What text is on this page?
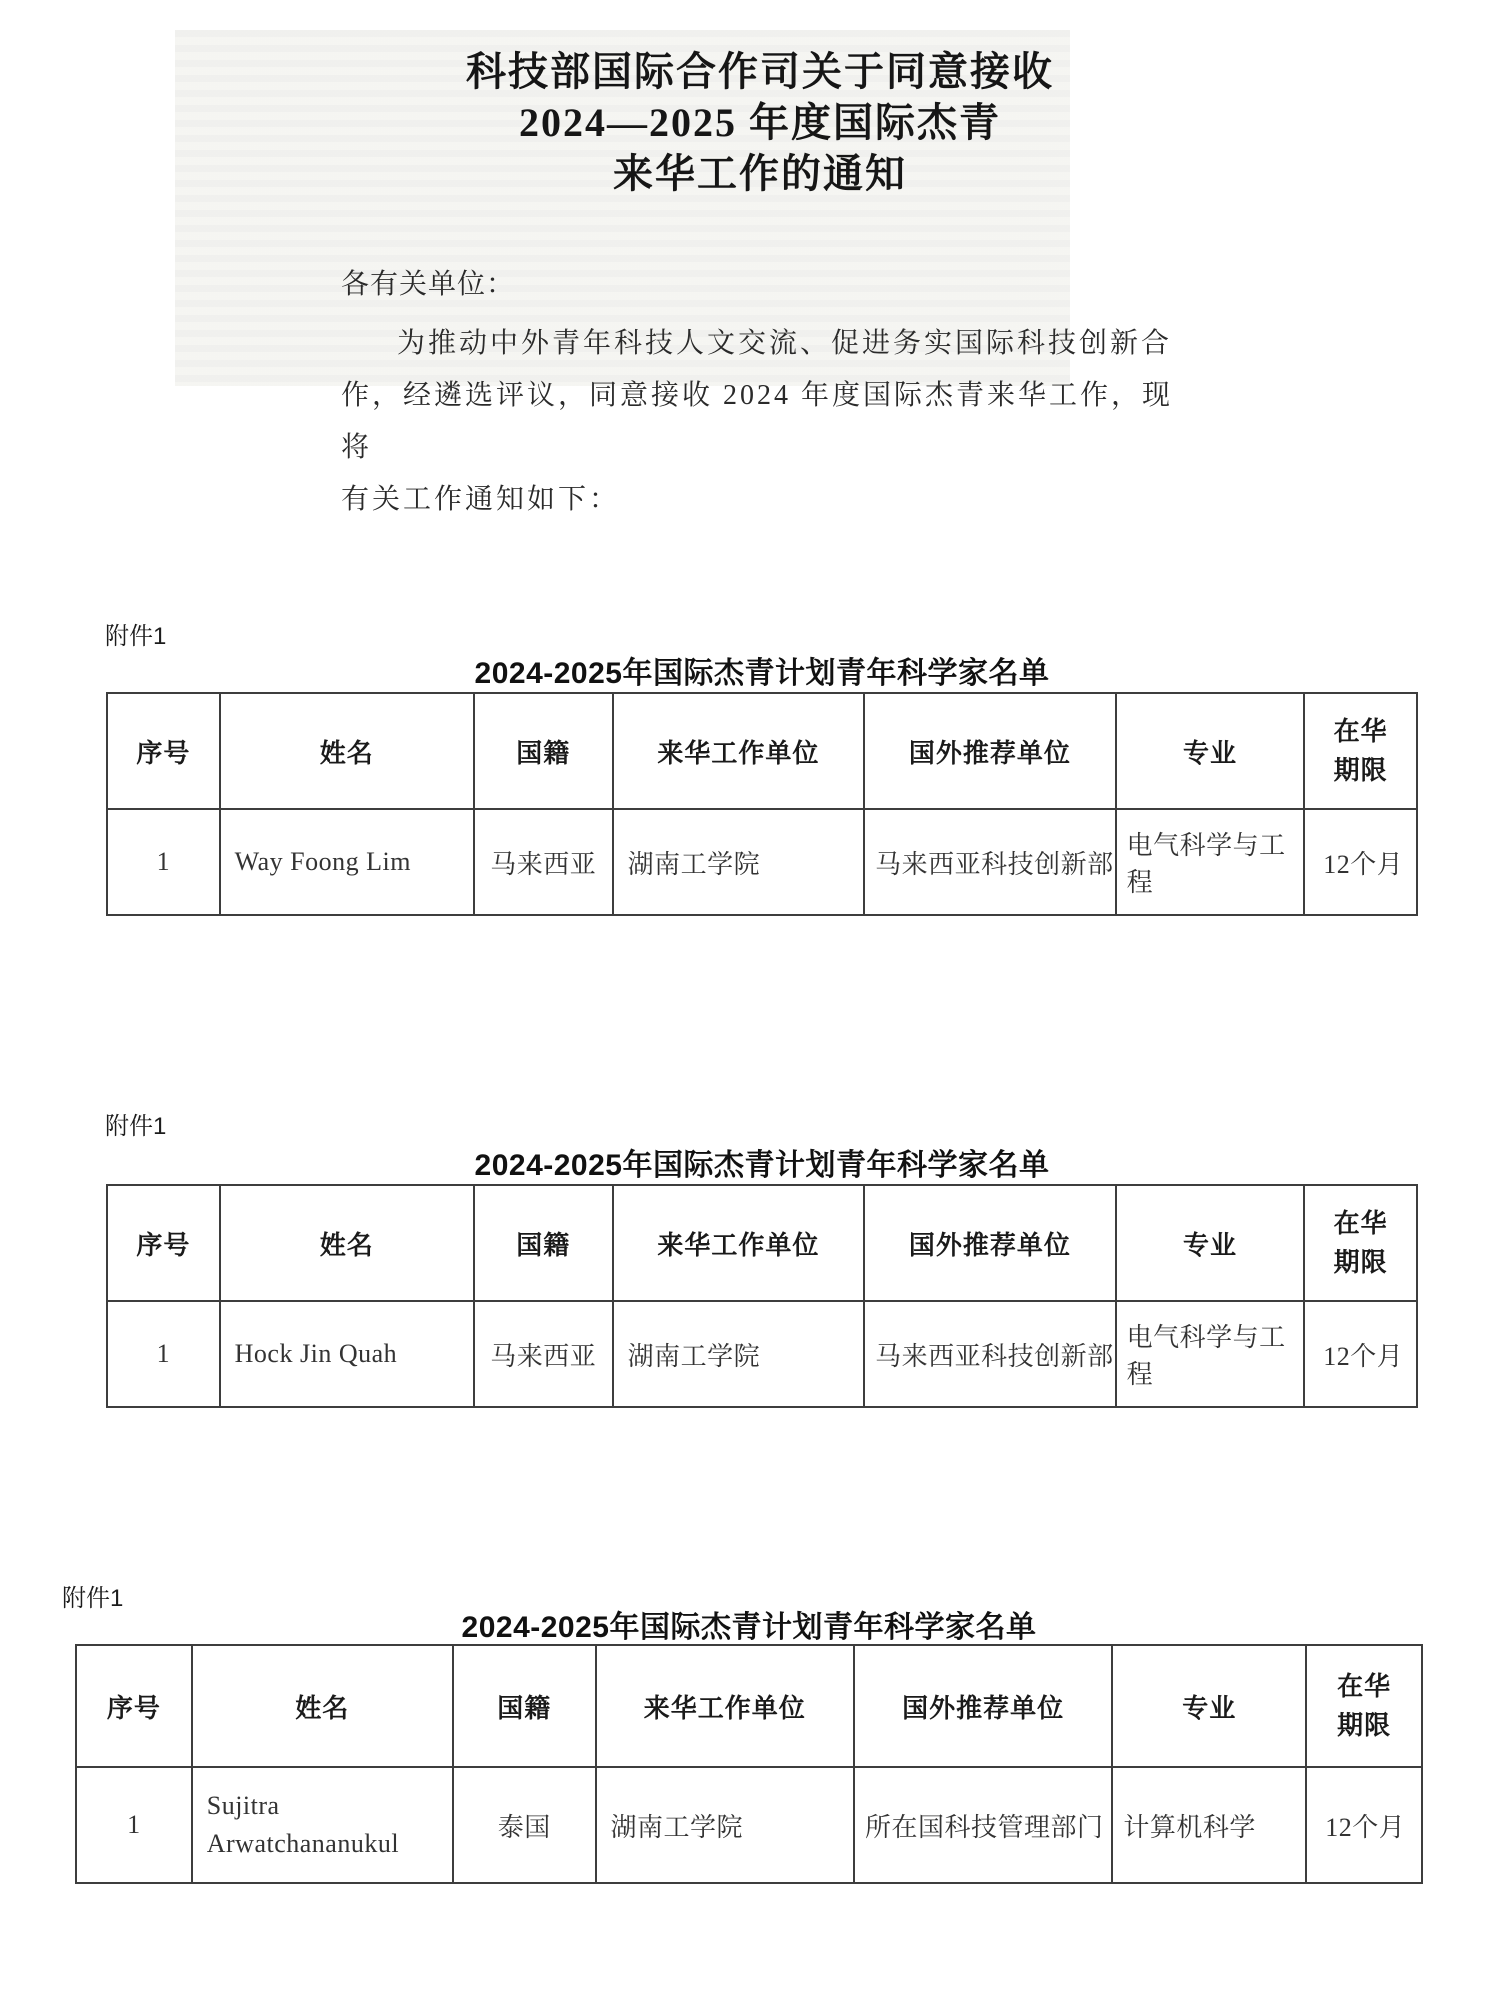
科技部国际合作司关于同意接收
2024—2025 年度国际杰青
来华工作的通知
各有关单位：
为推动中外青年科技人文交流、促进务实国际科技创新合
作，经遴选评议，同意接收 2024 年度国际杰青来华工作，现将
有关工作通知如下：
附件1
2024-2025年国际杰青计划青年科学家名单
序号	姓名	国籍	来华工作单位	国外推荐单位	专业	在华期限
1	Way Foong Lim	马来西亚	湖南工学院	马来西亚科技创新部	电气科学与工程	12个月
附件1
2024-2025年国际杰青计划青年科学家名单
序号	姓名	国籍	来华工作单位	国外推荐单位	专业	在华期限
1	Hock Jin Quah	马来西亚	湖南工学院	马来西亚科技创新部	电气科学与工程	12个月
附件1
2024-2025年国际杰青计划青年科学家名单
序号	姓名	国籍	来华工作单位	国外推荐单位	专业	在华期限
1	Sujitra Arwatchananukul	泰国	湖南工学院	所在国科技管理部门	计算机科学	12个月
